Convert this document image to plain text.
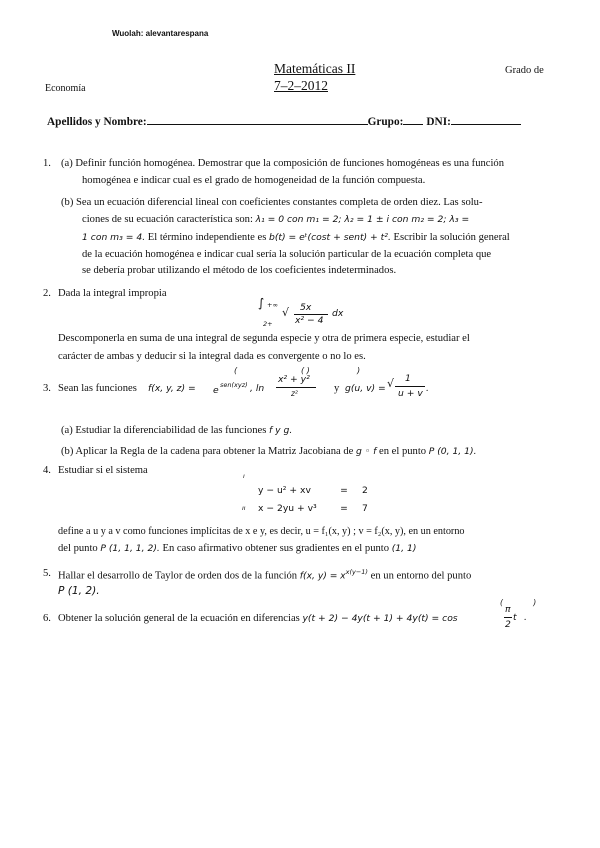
Wuolah: alevantarespana
Matemáticas II
7–2–2012
Grado de
Economía
Apellidos y Nombre:	Grupo: DNI:
1. (a) Definir función homogénea. Demostrar que la composición de funciones homogéneas es una función
homogénea e indicar cual es el grado de homogeneidad de la función compuesta.
(b) Sea un ecuación diferencial lineal con coeficientes constantes completa de orden diez. Las solu-
ciones de su ecuación característica son: λ₁ = 0 con m₁ = 2; λ₂ = 1 ± i con m₂ = 2; λ₃ =
1 con m₃ = 4. El término independiente es b(t) = eᵗ(cost + sent) + t². Escribir la solución general
de la ecuación homogénea e indicar cual sería la solución particular de la ecuación completa que
se debería probar utilizando el método de los coeficientes indeterminados.
2. Dada la integral impropia
∫ +∞
2+
√ 5x
x² − 4
dx
Descomponerla en suma de una integral de segunda especie y otra de primera especie, estudiar el
carácter de ambas y deducir si la integral dada es convergente o no lo es.
(	( )	)
3. Sean las funciones f(x, y, z) = e sen(xyz) , ln
x² + y²
z²	y g(u, v) = √ 1
u + v .
(a) Estudiar la diferenciabilidad de las funciones f y g.
(b) Aplicar la Regla de la cadena para obtener la Matriz Jacobiana de g ◦ f en el punto P (0, 1, 1).
4. Estudiar si el sistema	ı
ıı
y − u² + xv	= 2
x − 2yu + v³	= 7
define a u y a v como funciones implícitas de x e y, es decir, u = f₁(x, y) ; v = f₂(x, y), en un entorno
del punto P (1, 1, 1, 2). En caso afirmativo obtener sus gradientes en el punto (1, 1)
5. Hallar el desarrollo de Taylor de orden dos de la función f(x, $y) = x^{x(y-1)}$ en un entorno del punto
P (1, 2).
( )
6. Obtener la solución general de la ecuación en diferencias y(t + 2) − 4y(t + 1) + 4y(t) = cos
π
2
t .
